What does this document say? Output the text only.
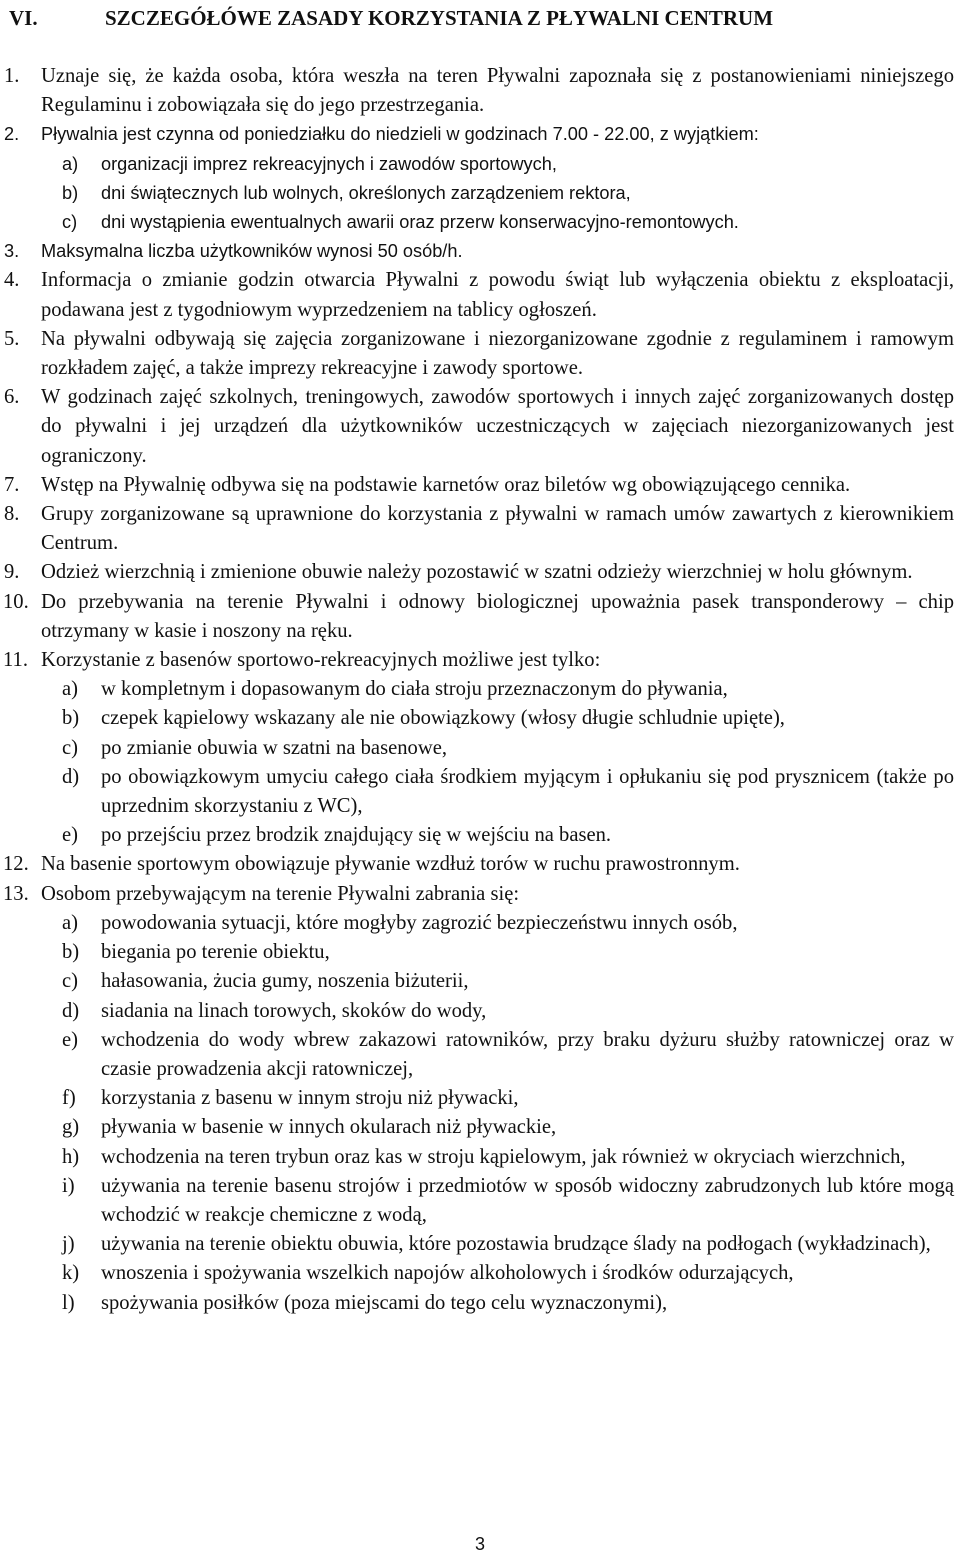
VI.	SZCZEGÓŁÓWE ZASADY KORZYSTANIA Z PŁYWALNI CENTRUM
1. Uznaje się, że każda osoba, która weszła na teren Pływalni zapoznała się z postanowieniami niniejszego Regulaminu i zobowiązała się do jego przestrzegania.
2. Pływalnia jest czynna od poniedziałku do niedzieli w godzinach 7.00 - 22.00, z wyjątkiem:
a) organizacji imprez rekreacyjnych i zawodów sportowych,
b) dni świątecznych lub wolnych, określonych zarządzeniem rektora,
c) dni wystąpienia ewentualnych awarii oraz przerw konserwacyjno-remontowych.
3. Maksymalna liczba użytkowników wynosi 50 osób/h.
4. Informacja o zmianie godzin otwarcia Pływalni z powodu świąt lub wyłączenia obiektu z eksploatacji, podawana jest z tygodniowym wyprzedzeniem na tablicy ogłoszeń.
5. Na pływalni odbywają się zajęcia zorganizowane i niezorganizowane zgodnie z regulaminem i ramowym rozkładem zajęć, a także imprezy rekreacyjne i zawody sportowe.
6. W godzinach zajęć szkolnych, treningowych, zawodów sportowych i innych zajęć zorganizowanych dostęp do pływalni i jej urządzeń dla użytkowników uczestniczących w zajęciach niezorganizowanych jest ograniczony.
7. Wstęp na Pływalnię odbywa się na podstawie karnetów oraz biletów wg obowiązującego cennika.
8. Grupy zorganizowane są uprawnione do korzystania z pływalni w ramach umów zawartych z kierownikiem Centrum.
9. Odzież wierzchnią i zmienione obuwie należy pozostawić w szatni odzieży wierzchniej w holu głównym.
10. Do przebywania na terenie Pływalni i odnowy biologicznej upoważnia pasek transponderowy – chip otrzymany w kasie i noszony na ręku.
11. Korzystanie z basenów sportowo-rekreacyjnych możliwe jest tylko:
a) w kompletnym i dopasowanym do ciała stroju przeznaczonym do pływania,
b) czepek kąpielowy wskazany ale nie obowiązkowy (włosy długie schludnie upięte),
c) po zmianie obuwia w szatni na basenowe,
d) po obowiązkowym umyciu całego ciała środkiem myjącym i opłukaniu się pod prysznicem (także po uprzednim skorzystaniu z WC),
e) po przejściu przez brodzik znajdujący się w wejściu na basen.
12. Na basenie sportowym obowiązuje pływanie wzdłuż torów w ruchu prawostronnym.
13. Osobom przebywającym na terenie Pływalni zabrania się:
a) powodowania sytuacji, które mogłyby zagrozić bezpieczeństwu innych osób,
b) biegania po terenie obiektu,
c) hałasowania, żucia gumy, noszenia biżuterii,
d) siadania na linach torowych, skoków do wody,
e) wchodzenia do wody wbrew zakazowi ratowników, przy braku dyżuru służby ratowniczej oraz w czasie prowadzenia akcji ratowniczej,
f) korzystania z basenu w innym stroju niż pływacki,
g) pływania w basenie w innych okularach niż pływackie,
h) wchodzenia na teren trybun oraz kas w stroju kąpielowym, jak również w okryciach wierzchnich,
i) używania na terenie basenu strojów i przedmiotów w sposób widoczny zabrudzonych lub które mogą wchodzić w reakcje chemiczne z wodą,
j) używania na terenie obiektu obuwia, które pozostawia brudzące ślady na podłogach (wykładzinach),
k) wnoszenia i spożywania wszelkich napojów alkoholowych i środków odurzających,
l) spożywania posiłków (poza miejscami do tego celu wyznaczonymi),
3
